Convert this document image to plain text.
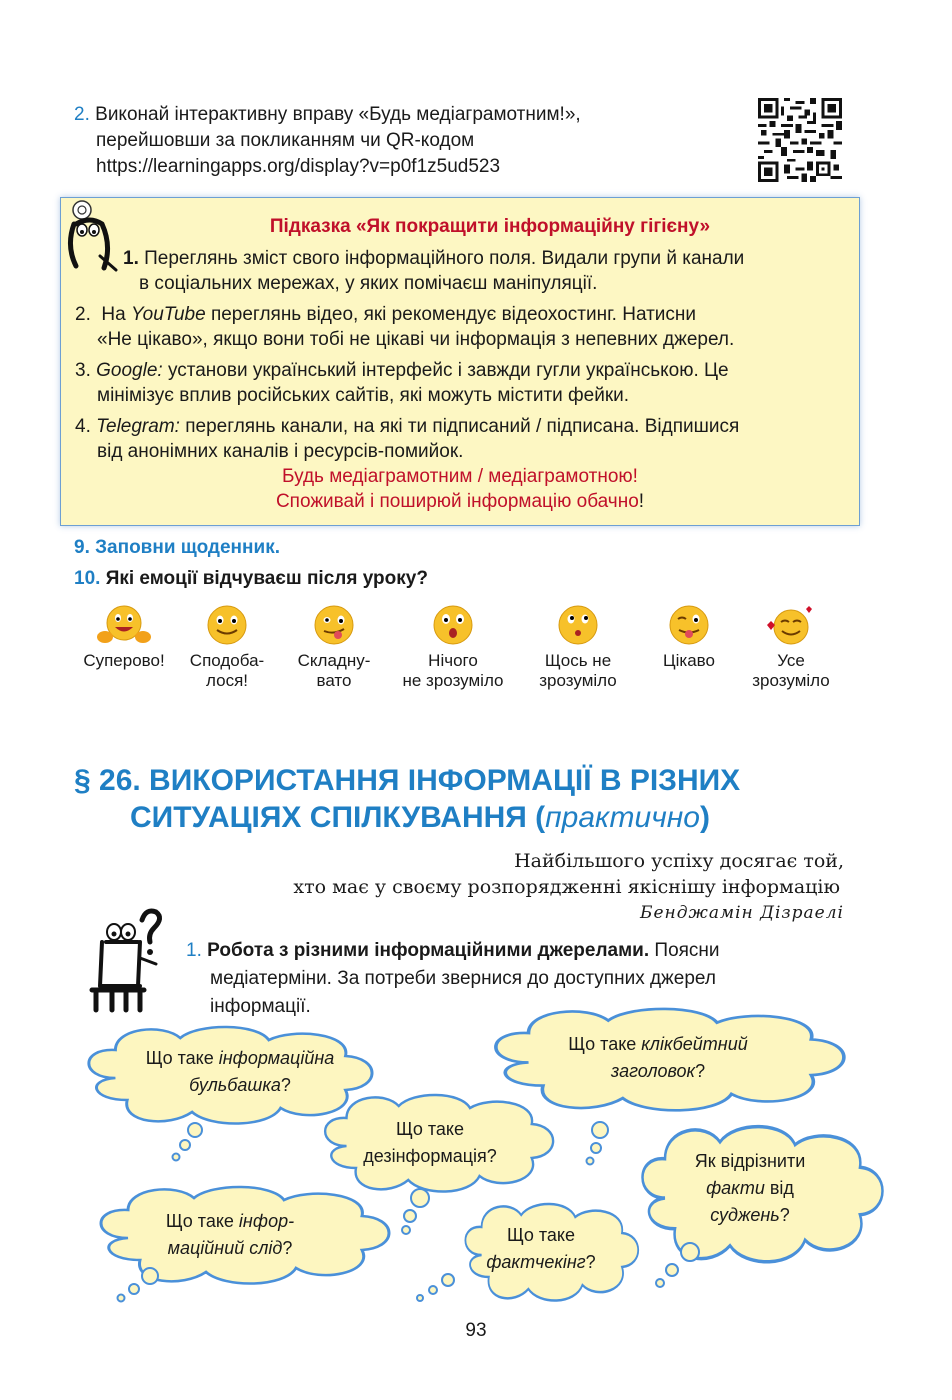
2. Виконай інтерактивну вправу «Будь медіаграмотним!»,
перейшовши за покликанням чи QR-кодом
https://learningapps.org/display?v=p0f1z5ud523
Підказка «Як покращити інформаційну гігієну»
1. Переглянь зміст свого інформаційного поля. Видали групи й канали
в соціальних мережах, у яких помічаєш маніпуляції.
2. На YouTube переглянь відео, які рекомендує відеохостинг. Натисни
«Не цікаво», якщо вони тобі не цікаві чи інформація з непевних джерел.
3. Google: установи український інтерфейс і завжди гугли українською. Це
мінімізує вплив російських сайтів, які можуть містити фейки.
4. Telegram: переглянь канали, на які ти підписаний / підписана. Відпишися
від анонімних каналів і ресурсів-помийок.
Будь медіаграмотним / медіаграмотною!
Споживай і поширюй інформацію обачно!
9. Заповни щоденник.
10. Які емоції відчуваєш після уроку?
Суперово!	Сподоба-
лося!
Складну-
вато
Нічого
не зрозуміло
Щось не
зрозуміло
Цікаво	Усе
зрозуміло
§ 26. ВИКОРИСТАННЯ ІНФОРМАЦІЇ В РІЗНИХ
СИТУАЦІЯХ СПІЛКУВАННЯ (практично)
Найбільшого успіху досягає той,
хто має у своєму розпорядженні якіснішу інформацію
Бенджамін Дізраелі
1. Робота з різними інформаційними джерелами. Поясни
медіатерміни. За потреби звернися до доступних джерел
інформації.
Що таке інформаційна
бульбашка?
Що таке клікбейтний
заголовок?
Що таке
дезінформація?	Як відрізнити
факти від
суджень?
Що таке інфор-
маційний слід?
Що таке
фактчекінг?
93
